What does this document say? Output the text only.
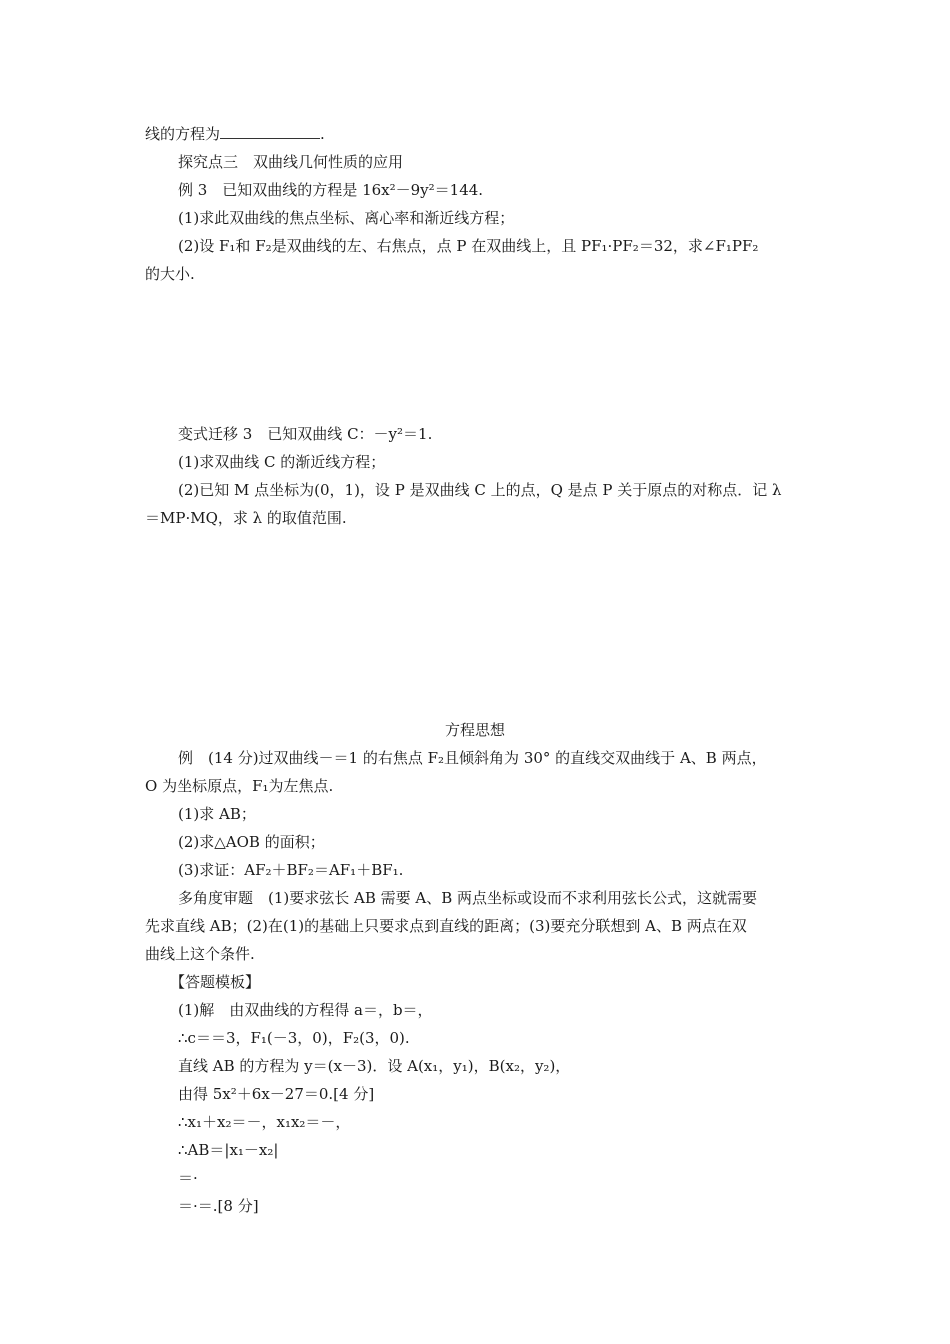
线的方程为	.
探究点三　双曲线几何性质的应用
例 3　已知双曲线的方程是 16x²－9y²＝144.
(1)求此双曲线的焦点坐标、离心率和渐近线方程；
(2)设 F₁和 F₂是双曲线的左、右焦点，点 P 在双曲线上，且 PF₁·PF₂＝32，求∠F₁PF₂
的大小.
变式迁移 3　已知双曲线 C：－y²＝1.
(1)求双曲线 C 的渐近线方程；
(2)已知 M 点坐标为(0，1)，设 P 是双曲线 C 上的点，Q 是点 P 关于原点的对称点．记 λ
＝MP·MQ，求 λ 的取值范围.
方程思想
例　(14 分)过双曲线－＝1 的右焦点 F₂且倾斜角为 30° 的直线交双曲线于 A、B 两点，
O 为坐标原点，F₁为左焦点.
(1)求 AB；
(2)求△AOB 的面积；
(3)求证：AF₂＋BF₂＝AF₁＋BF₁.
多角度审题　(1)要求弦长 AB 需要 A、B 两点坐标或设而不求利用弦长公式，这就需要
先求直线 AB；(2)在(1)的基础上只要求点到直线的距离；(3)要充分联想到 A、B 两点在双
曲线上这个条件.
【答题模板】
(1)解　由双曲线的方程得 a＝，b＝，
∴c＝＝3，F₁(－3，0)，F₂(3，0).
直线 AB 的方程为 y＝(x－3)．设 A(x₁，y₁)，B(x₂，y₂)，
由得 5x²＋6x－27＝0.[4 分]
∴x₁＋x₂＝－，x₁x₂＝－，
∴AB＝|x₁－x₂|
＝·
＝·＝.[8 分]
